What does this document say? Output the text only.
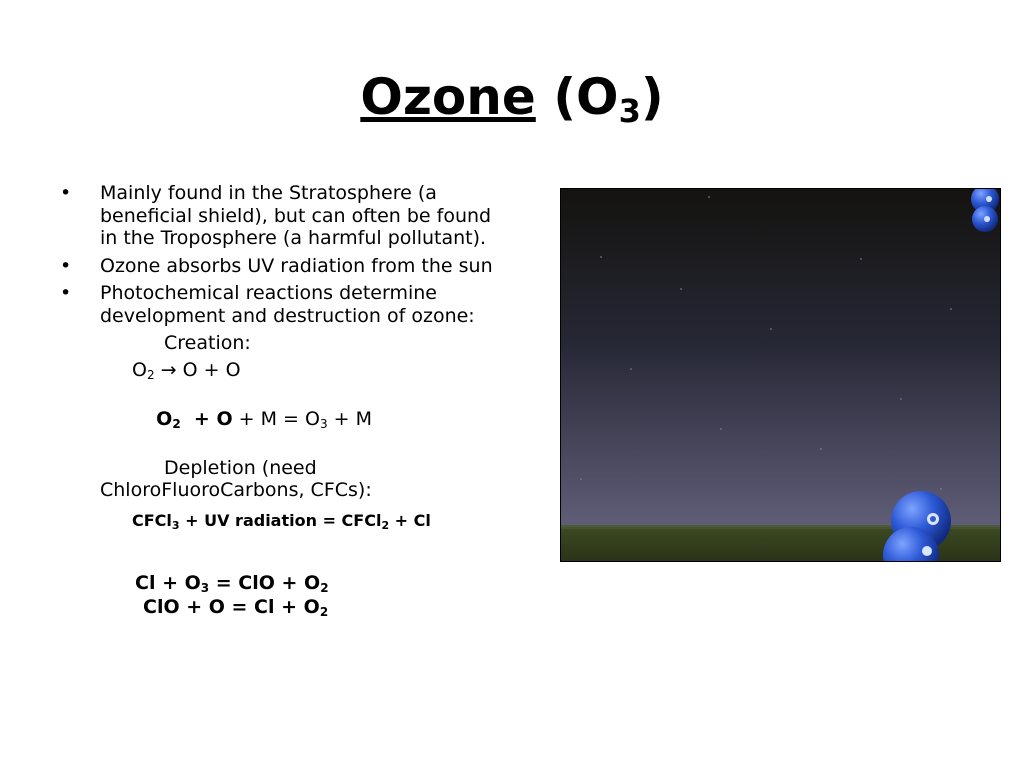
Ozone $(O_3)$
• Mainly found in the Stratosphere (a beneficial shield), but can often be found in the Troposphere (a harmful pollutant).
• Ozone absorbs UV radiation from the sun
• Photochemical reactions determine development and destruction of ozone:
Creation:
$O_2 \to O + O$

$O_2 + O + M = O_3 + M$

Depletion (need ChloroFluoroCarbons, CFCs):
CFCl$_3$ + UV radiation = CFCl$_2$ + Cl
$Cl + O_3$ = ClO + $O_2$
ClO + $O = Cl + O_2$
